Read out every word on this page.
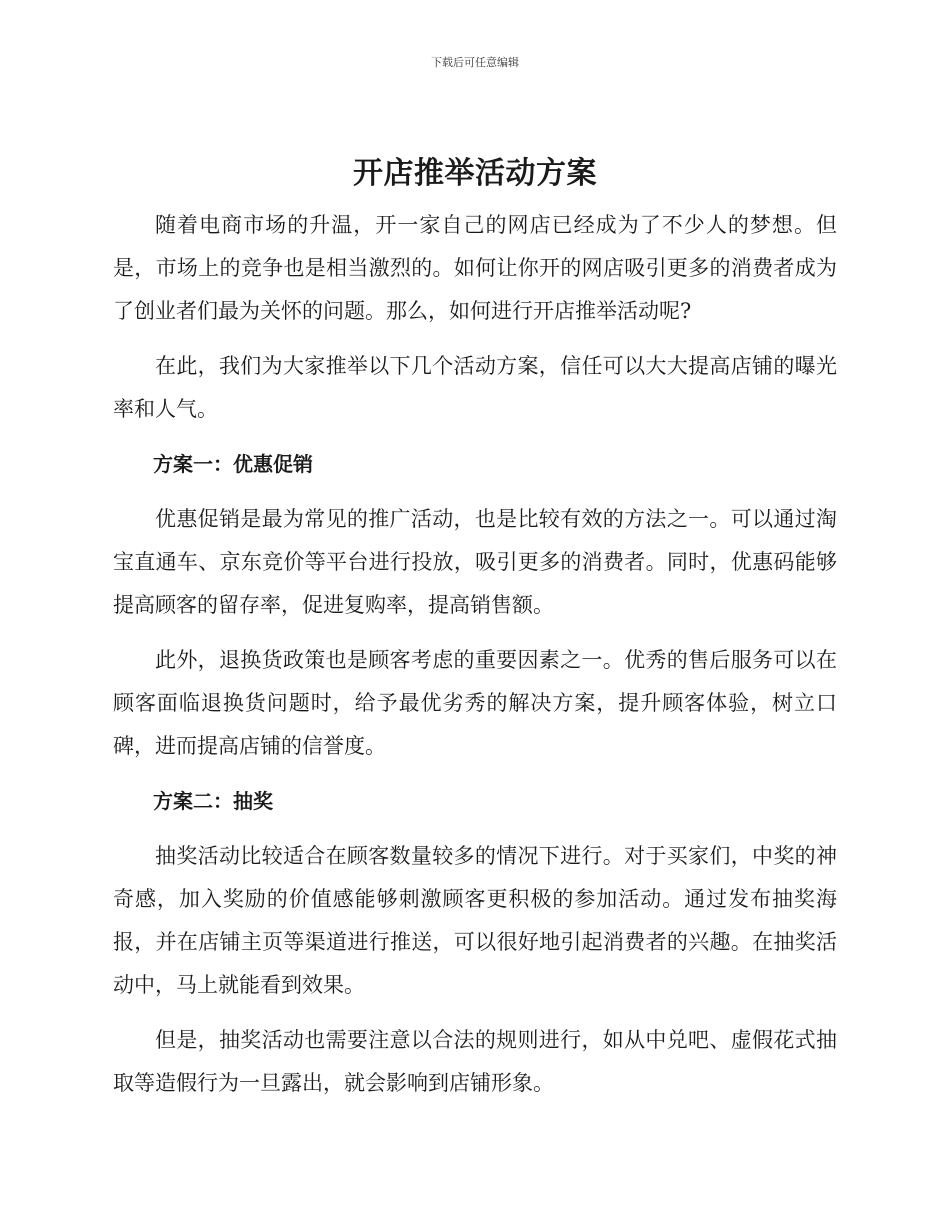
下载后可任意编辑
开店推举活动方案

随着电商市场的升温，开一家自己的网店已经成为了不少人的梦想。但是，市场上的竞争也是相当激烈的。如何让你开的网店吸引更多的消费者成为了创业者们最为关怀的问题。那么，如何进行开店推举活动呢?

在此，我们为大家推举以下几个活动方案，信任可以大大提高店铺的曝光率和人气。

方案一：优惠促销

优惠促销是最为常见的推广活动，也是比较有效的方法之一。可以通过淘宝直通车、京东竞价等平台进行投放，吸引更多的消费者。同时，优惠码能够提高顾客的留存率，促进复购率，提高销售额。

此外，退换货政策也是顾客考虑的重要因素之一。优秀的售后服务可以在顾客面临退换货问题时，给予最优劣秀的解决方案，提升顾客体验，树立口碑，进而提高店铺的信誉度。

方案二：抽奖

抽奖活动比较适合在顾客数量较多的情况下进行。对于买家们，中奖的神奇感，加入奖励的价值感能够刺激顾客更积极的参加活动。通过发布抽奖海报，并在店铺主页等渠道进行推送，可以很好地引起消费者的兴趣。在抽奖活动中，马上就能看到效果。

但是，抽奖活动也需要注意以合法的规则进行，如从中兑吧、虚假花式抽取等造假行为一旦露出，就会影响到店铺形象。
